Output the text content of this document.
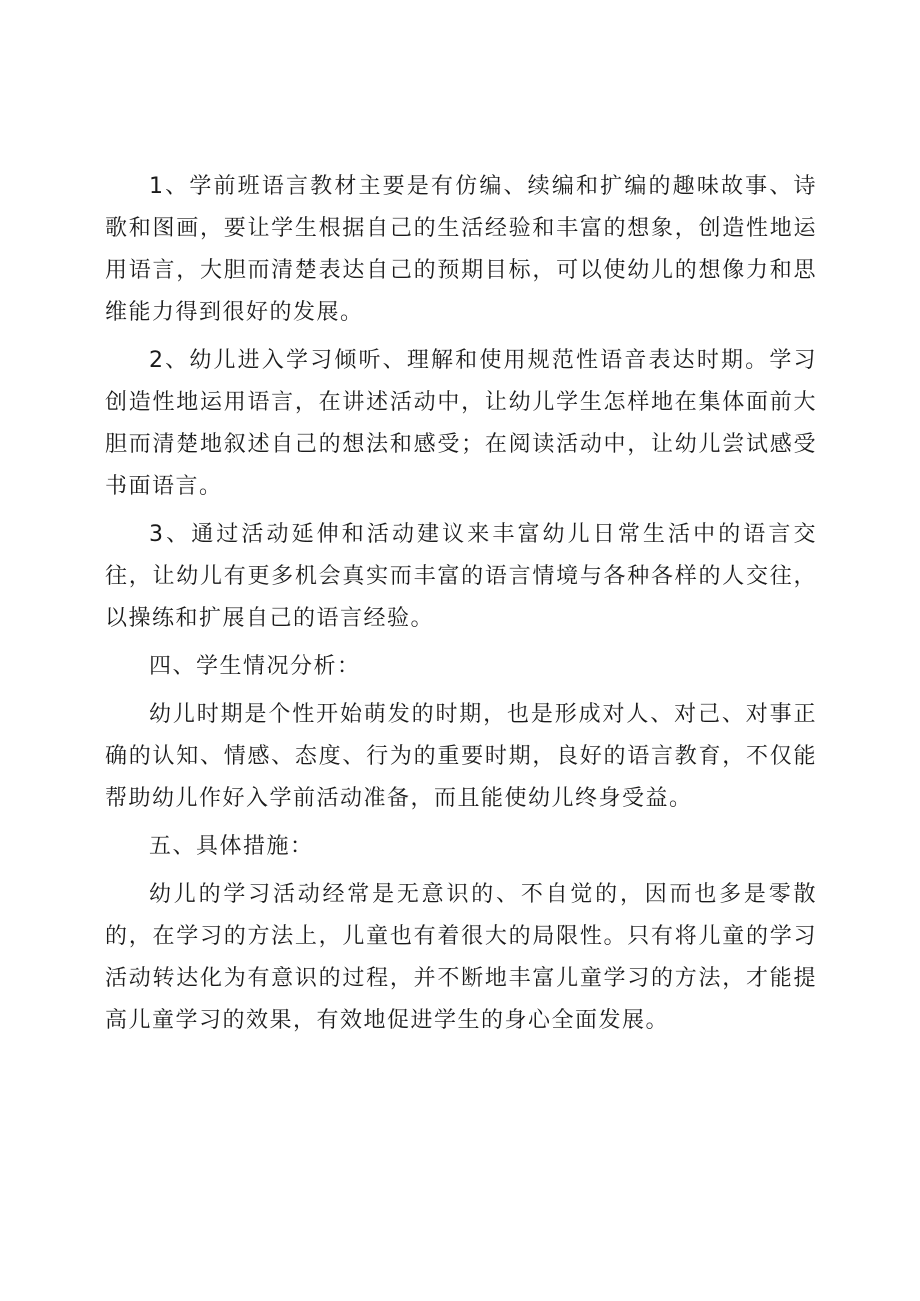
1、学前班语言教材主要是有仿编、续编和扩编的趣味故事、诗歌和图画，要让学生根据自己的生活经验和丰富的想象，创造性地运用语言，大胆而清楚表达自己的预期目标，可以使幼儿的想像力和思维能力得到很好的发展。

2、幼儿进入学习倾听、理解和使用规范性语音表达时期。学习创造性地运用语言，在讲述活动中，让幼儿学生怎样地在集体面前大胆而清楚地叙述自己的想法和感受；在阅读活动中，让幼儿尝试感受书面语言。

3、通过活动延伸和活动建议来丰富幼儿日常生活中的语言交往，让幼儿有更多机会真实而丰富的语言情境与各种各样的人交往，以操练和扩展自己的语言经验。

四、学生情况分析：

幼儿时期是个性开始萌发的时期，也是形成对人、对己、对事正确的认知、情感、态度、行为的重要时期，良好的语言教育，不仅能帮助幼儿作好入学前活动准备，而且能使幼儿终身受益。

五、具体措施：

幼儿的学习活动经常是无意识的、不自觉的，因而也多是零散的，在学习的方法上，儿童也有着很大的局限性。只有将儿童的学习活动转达化为有意识的过程，并不断地丰富儿童学习的方法，才能提高儿童学习的效果，有效地促进学生的身心全面发展。
